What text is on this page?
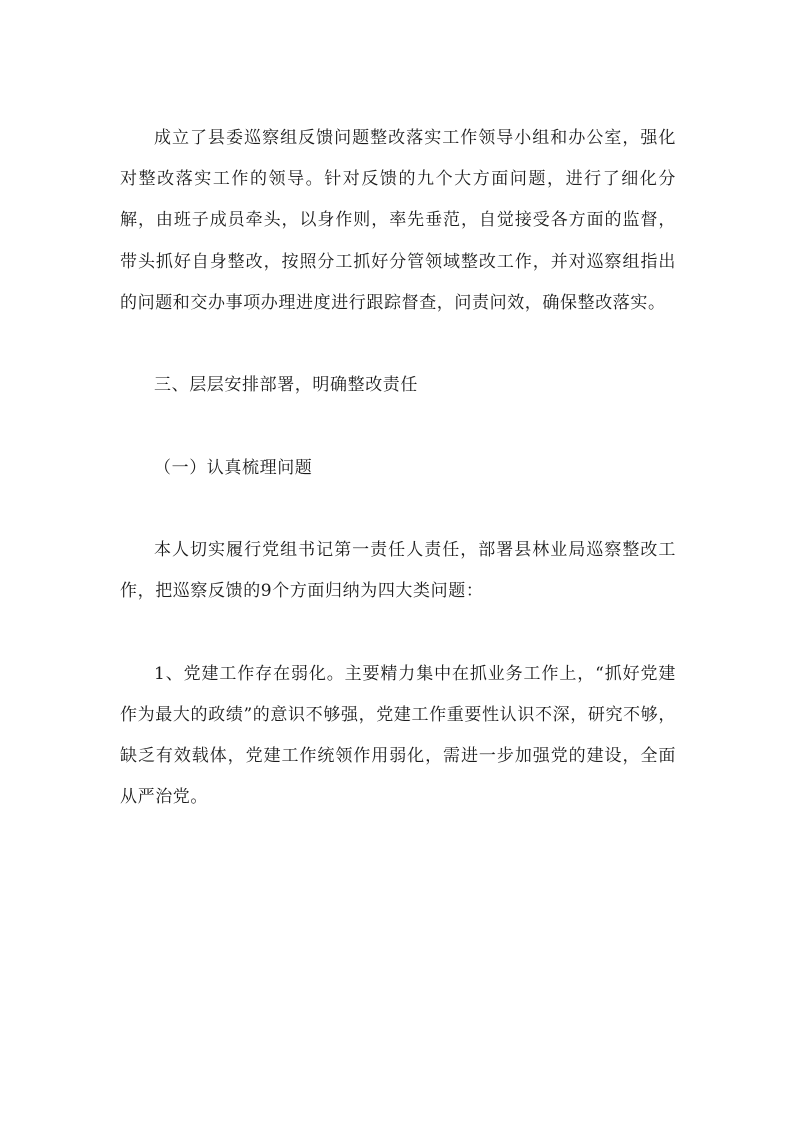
成立了县委巡察组反馈问题整改落实工作领导小组和办公室，强化对整改落实工作的领导。针对反馈的九个大方面问题，进行了细化分解，由班子成员牵头，以身作则，率先垂范，自觉接受各方面的监督，带头抓好自身整改，按照分工抓好分管领域整改工作，并对巡察组指出的问题和交办事项办理进度进行跟踪督查，问责问效，确保整改落实。

三、层层安排部署，明确整改责任

（一）认真梳理问题

本人切实履行党组书记第一责任人责任，部署县林业局巡察整改工作，把巡察反馈的9个方面归纳为四大类问题：

1、党建工作存在弱化。主要精力集中在抓业务工作上，“抓好党建作为最大的政绩”的意识不够强，党建工作重要性认识不深，研究不够，缺乏有效载体，党建工作统领作用弱化，需进一步加强党的建设，全面从严治党。
